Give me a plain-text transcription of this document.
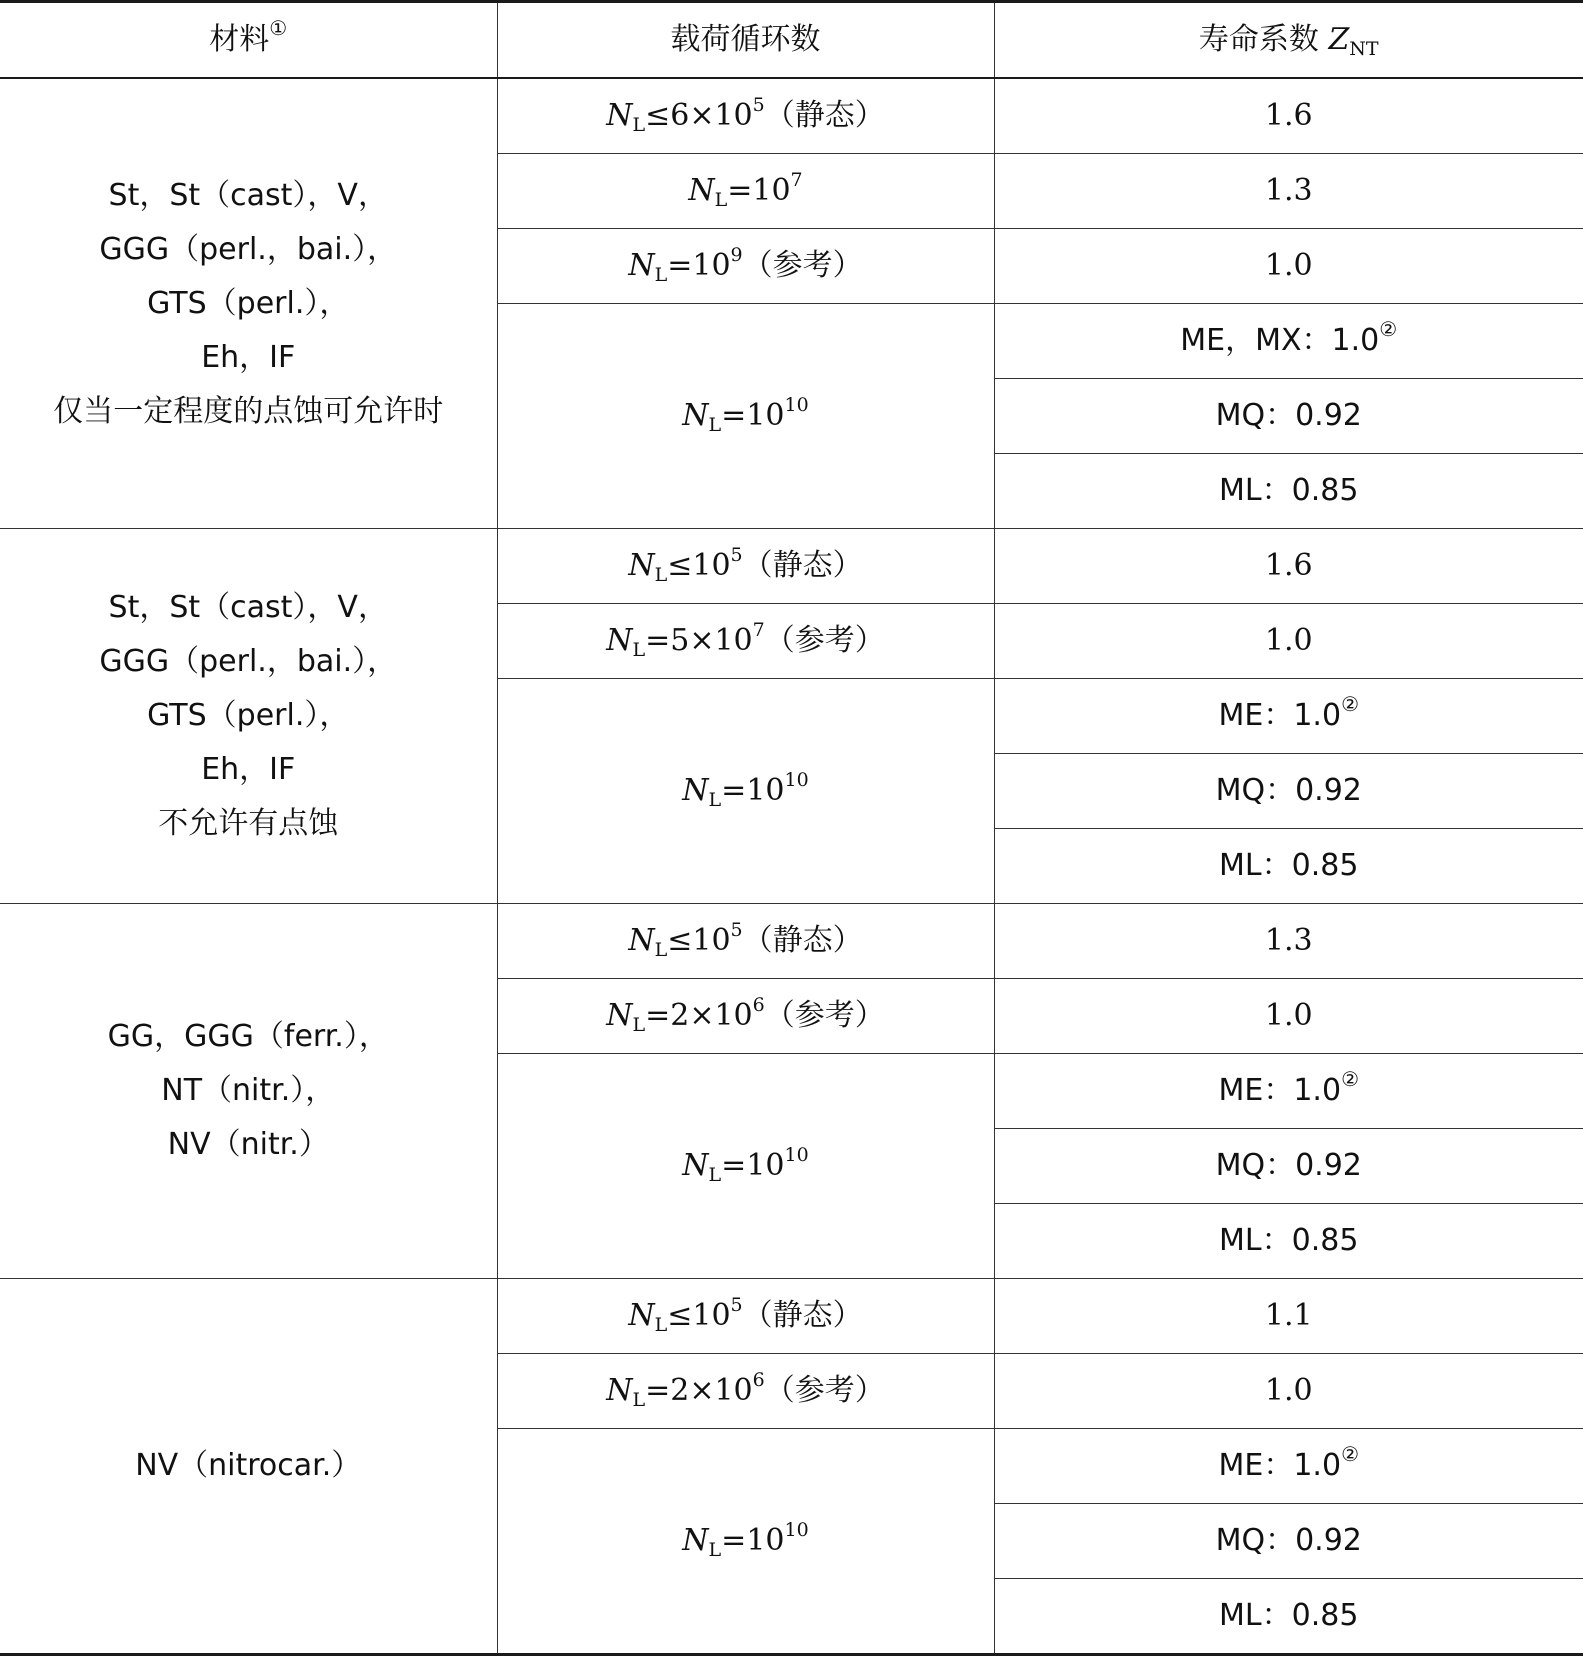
材料①	载荷循环数	寿命系数 $Z_{NT}$

St，St（cast），V，
GGG（perl.，bai.），
GTS（perl.），
Eh，IF
仅当一定程度的点蚀可允许时	$N_L\le 6\times 10^5$（静态）	1.6
	$N_L=10^7$	1.3
	$N_L=10^9$（参考）	1.0
	$N_L=10^{10}$	ME，MX：1.0②
		MQ：0.92
		ML：0.85

St，St（cast），V，
GGG（perl.，bai.），
GTS（perl.），
Eh，IF
不允许有点蚀	$N_L\le 10^5$（静态）	1.6
	$N_L=5\times 10^7$（参考）	1.0
	$N_L=10^{10}$	ME：1.0②
		MQ：0.92
		ML：0.85

GG，GGG（ferr.），
NT（nitr.），
NV（nitr.）	$N_L\le 10^5$（静态）	1.3
	$N_L=2\times 10^6$（参考）	1.0
	$N_L=10^{10}$	ME：1.0②
		MQ：0.92
		ML：0.85

NV（nitrocar.）	$N_L\le 10^5$（静态）	1.1
	$N_L=2\times 10^6$（参考）	1.0
	$N_L=10^{10}$	ME：1.0②
		MQ：0.92
		ML：0.85
